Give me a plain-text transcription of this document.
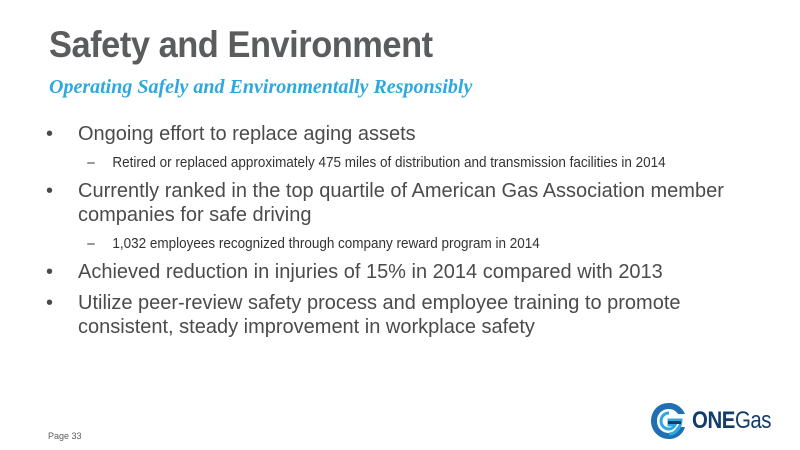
Safety and Environment
Operating Safely and Environmentally Responsibly
• Ongoing effort to replace aging assets
– Retired or replaced approximately 475 miles of distribution and transmission facilities in 2014
• Currently ranked in the top quartile of American Gas Association member companies for safe driving
– 1,032 employees recognized through company reward program in 2014
• Achieved reduction in injuries of 15% in 2014 compared with 2013
• Utilize peer-review safety process and employee training to promote consistent, steady improvement in workplace safety
Page 33
ONEGas
